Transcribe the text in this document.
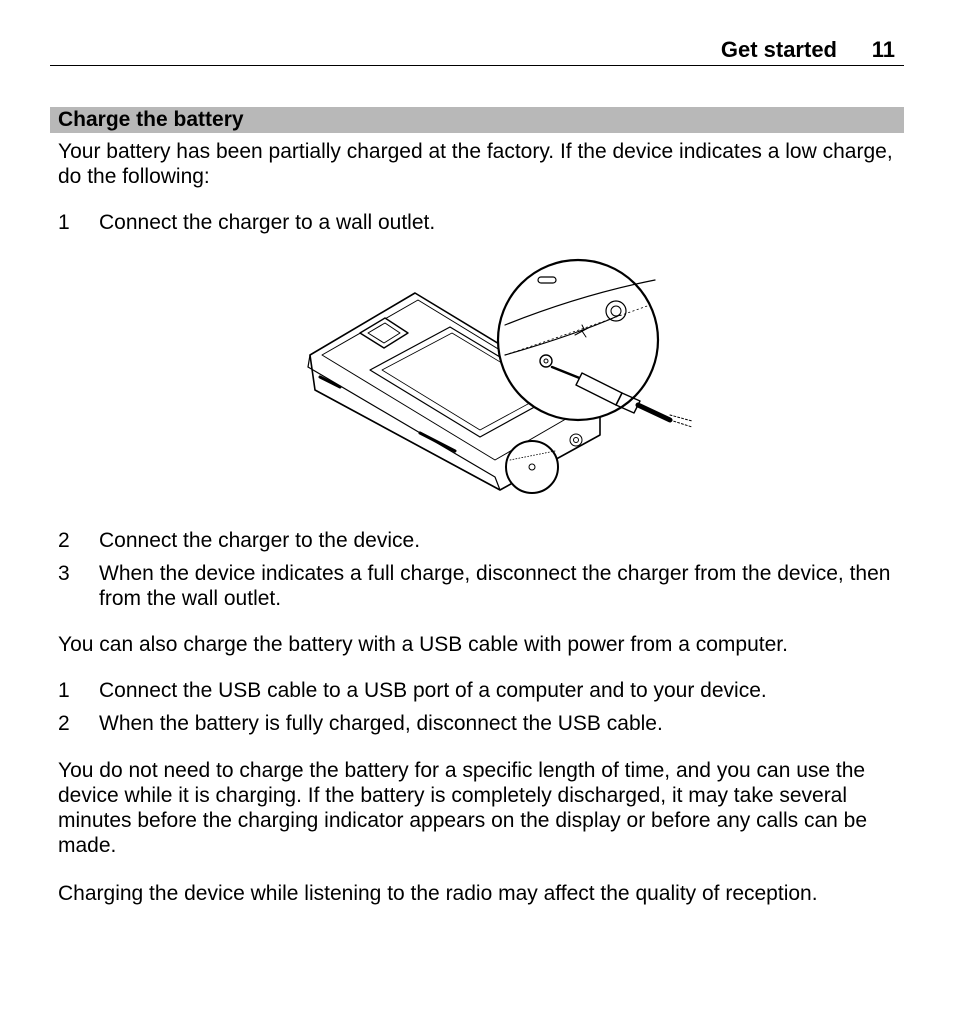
Get started 11
Charge the battery
Your battery has been partially charged at the factory. If the device indicates a low charge, do the following:
1 Connect the charger to a wall outlet.
2 Connect the charger to the device.
3 When the device indicates a full charge, disconnect the charger from the device, then from the wall outlet.
You can also charge the battery with a USB cable with power from a computer.
1 Connect the USB cable to a USB port of a computer and to your device.
2 When the battery is fully charged, disconnect the USB cable.
You do not need to charge the battery for a specific length of time, and you can use the device while it is charging. If the battery is completely discharged, it may take several minutes before the charging indicator appears on the display or before any calls can be made.
Charging the device while listening to the radio may affect the quality of reception.
